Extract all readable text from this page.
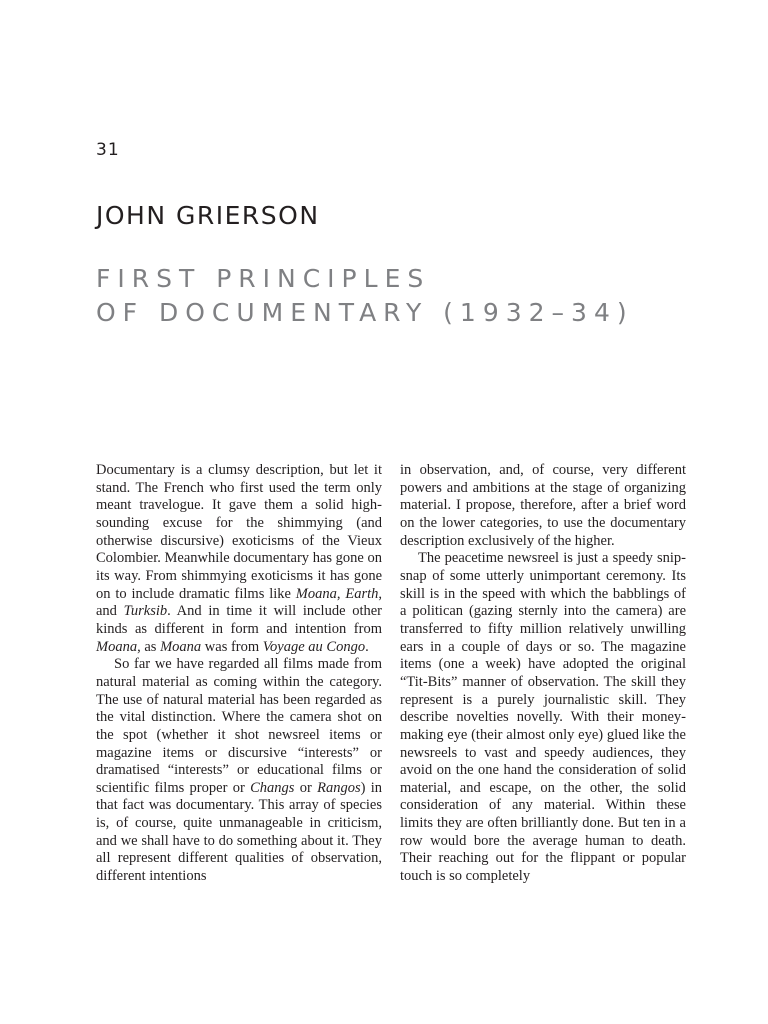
31
JOHN GRIERSON
FIRST PRINCIPLES
OF DOCUMENTARY (1932–34)

Documentary is a clumsy description, but let it stand. The French who first used the term only meant travelogue. It gave them a solid high-sounding excuse for the shimmying (and otherwise discursive) exoticisms of the Vieux Colombier. Meanwhile documentary has gone on its way. From shimmying exoticisms it has gone on to include dramatic films like Moana, Earth, and Turksib. And in time it will include other kinds as different in form and intention from Moana, as Moana was from Voyage au Congo.

So far we have regarded all films made from natural material as coming within the category. The use of natural material has been regarded as the vital distinction. Where the camera shot on the spot (whether it shot newsreel items or magazine items or discursive “interests” or dramatised “interests” or educational films or scientific films proper or Changs or Rangos) in that fact was documentary. This array of species is, of course, quite unmanageable in criticism, and we shall have to do something about it. They all represent different qualities of observation, different intentions

in observation, and, of course, very different powers and ambitions at the stage of organizing material. I propose, therefore, after a brief word on the lower categories, to use the documentary description exclusively of the higher.

The peacetime newsreel is just a speedy snip-snap of some utterly unimportant ceremony. Its skill is in the speed with which the babblings of a politican (gazing sternly into the camera) are transferred to fifty million relatively unwilling ears in a couple of days or so. The magazine items (one a week) have adopted the original “Tit-Bits” manner of observation. The skill they represent is a purely journalistic skill. They describe novelties novelly. With their money-making eye (their almost only eye) glued like the newsreels to vast and speedy audiences, they avoid on the one hand the consideration of solid material, and escape, on the other, the solid consideration of any material. Within these limits they are often brilliantly done. But ten in a row would bore the average human to death. Their reaching out for the flippant or popular touch is so completely
